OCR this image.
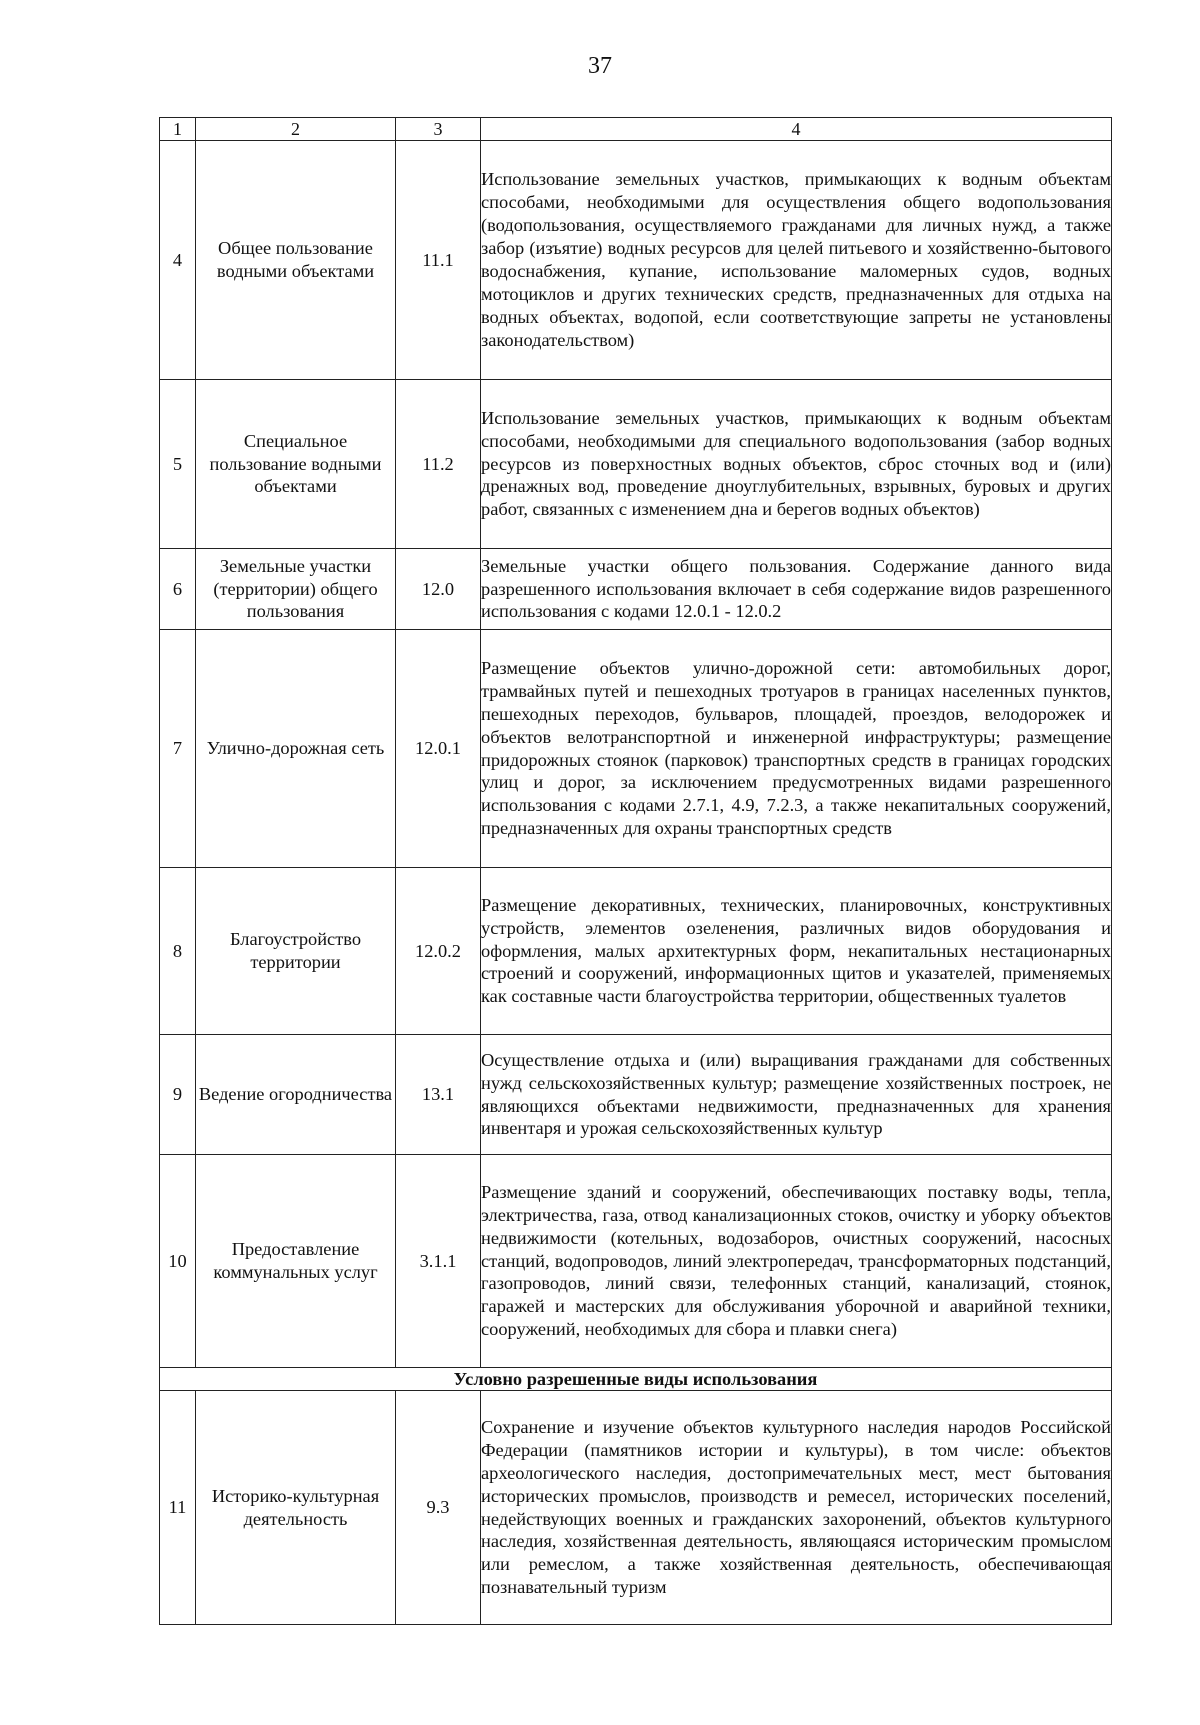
37
1	2	3	4
4	Общее пользование водными объектами	11.1	Использование земельных участков, примыкающих к водным объектам способами, необходимыми для осуществления общего водопользования (водопользования, осуществляемого гражданами для личных нужд, а также забор (изъятие) водных ресурсов для целей питьевого и хозяйственно-бытового водоснабжения, купание, использование маломерных судов, водных мотоциклов и других технических средств, предназначенных для отдыха на водных объектах, водопой, если соответствующие запреты не установлены законодательством)

5	Специальное пользование водными объектами	11.2	Использование земельных участков, примыкающих к водным объектам способами, необходимыми для специального водопользования (забор водных ресурсов из поверхностных водных объектов, сброс сточных вод и (или) дренажных вод, проведение дноуглубительных, взрывных, буровых и других работ, связанных с изменением дна и берегов водных объектов)

6	Земельные участки (территории) общего пользования	12.0	Земельные участки общего пользования. Содержание данного вида разрешенного использования включает в себя содержание видов разрешенного использования с кодами 12.0.1 - 12.0.2

7	Улично-дорожная сеть	12.0.1	Размещение объектов улично-дорожной сети: автомобильных дорог, трамвайных путей и пешеходных тротуаров в границах населенных пунктов, пешеходных переходов, бульваров, площадей, проездов, велодорожек и объектов велотранспортной и инженерной инфраструктуры; размещение придорожных стоянок (парковок) транспортных средств в границах городских улиц и дорог, за исключением предусмотренных видами разрешенного использования с кодами 2.7.1, 4.9, 7.2.3, а также некапитальных сооружений, предназначенных для охраны транспортных средств

8	Благоустройство территории	12.0.2	Размещение декоративных, технических, планировочных, конструктивных устройств, элементов озеленения, различных видов оборудования и оформления, малых архитектурных форм, некапитальных нестационарных строений и сооружений, информационных щитов и указателей, применяемых как составные части благоустройства территории, общественных туалетов

9	Ведение огородничества	13.1	Осуществление отдыха и (или) выращивания гражданами для собственных нужд сельскохозяйственных культур; размещение хозяйственных построек, не являющихся объектами недвижимости, предназначенных для хранения инвентаря и урожая сельскохозяйственных культур

10	Предоставление коммунальных услуг	3.1.1	Размещение зданий и сооружений, обеспечивающих поставку воды, тепла, электричества, газа, отвод канализационных стоков, очистку и уборку объектов недвижимости (котельных, водозаборов, очистных сооружений, насосных станций, водопроводов, линий электропередач, трансформаторных подстанций, газопроводов, линий связи, телефонных станций, канализаций, стоянок, гаражей и мастерских для обслуживания уборочной и аварийной техники, сооружений, необходимых для сбора и плавки снега)

Условно разрешенные виды использования			
11	Историко-культурная деятельность	9.3	Сохранение и изучение объектов культурного наследия народов Российской Федерации (памятников истории и культуры), в том числе: объектов археологического наследия, достопримечательных мест, мест бытования исторических промыслов, производств и ремесел, исторических поселений, недействующих военных и гражданских захоронений, объектов культурного наследия, хозяйственная деятельность, являющаяся историческим промыслом или ремеслом, а также хозяйственная деятельность, обеспечивающая познавательный туризм
